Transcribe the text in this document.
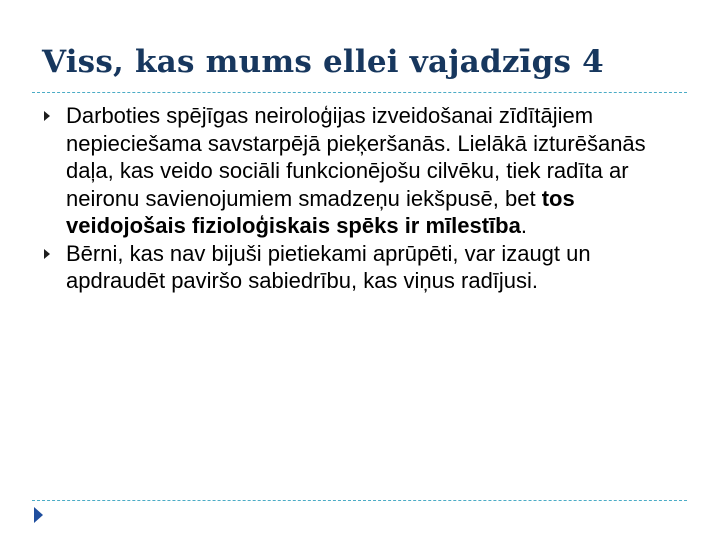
Viss, kas mums ellei vajadzīgs 4
Darboties spējīgas neiroloģijas izveidošanai zīdītājiem nepieciešama savstarpējā pieķeršanās. Lielākā izturēšanās daļa, kas veido sociāli funkcionējošu cilvēku, tiek radīta ar neironu savienojumiem smadzeņu iekšpusē, bet tos veidojošais fizioloģiskais spēks ir mīlestība.
Bērni, kas nav bijuši pietiekami aprūpēti, var izaugt un apdraudēt paviršo sabiedrību, kas viņus radījusi.
